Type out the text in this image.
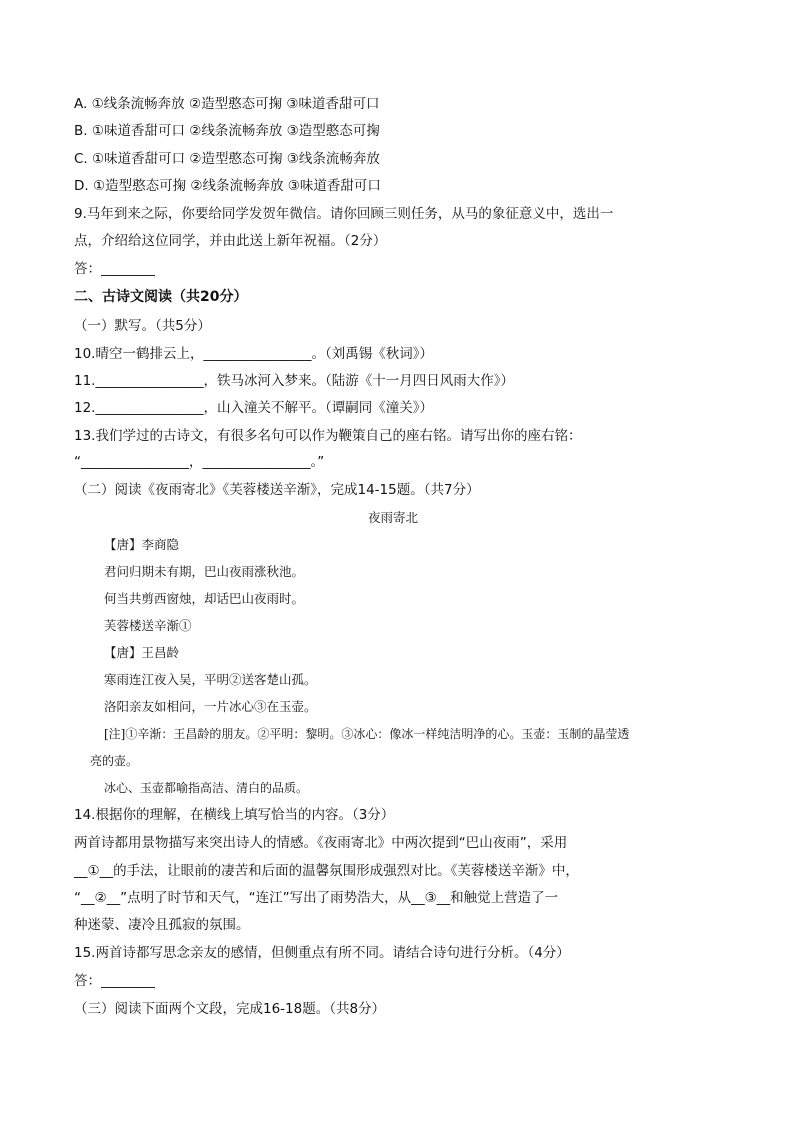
A. ①线条流畅奔放 ②造型憨态可掬 ③味道香甜可口
B. ①味道香甜可口 ②线条流畅奔放 ③造型憨态可掬
C. ①味道香甜可口 ②造型憨态可掬 ③线条流畅奔放
D. ①造型憨态可掬 ②线条流畅奔放 ③味道香甜可口
9.马年到来之际，你要给同学发贺年微信。请你回顾三则任务，从马的象征意义中，选出一
点，介绍给这位同学，并由此送上新年祝福。（2分）
答：________
二、古诗文阅读（共20分）
（一）默写。（共5分）
10.晴空一鹤排云上，________________。（刘禹锡《秋词》）
11.________________，铁马冰河入梦来。（陆游《十一月四日风雨大作》）
12.________________，山入潼关不解平。（谭嗣同《潼关》）
13.我们学过的古诗文，有很多名句可以作为鞭策自己的座右铭。请写出你的座右铭：
“________________，________________。”
（二）阅读《夜雨寄北》《芙蓉楼送辛渐》，完成14-15题。（共7分）
夜雨寄北
【唐】李商隐
君问归期未有期，巴山夜雨涨秋池。
何当共剪西窗烛，却话巴山夜雨时。
芙蓉楼送辛渐①
【唐】王昌龄
寒雨连江夜入吴，平明②送客楚山孤。
洛阳亲友如相问，一片冰心③在玉壶。
[注]①辛渐：王昌龄的朋友。②平明：黎明。③冰心：像冰一样纯洁明净的心。玉壶：玉制的晶莹透
亮的壶。
冰心、玉壶都喻指高洁、清白的品质。
14.根据你的理解，在横线上填写恰当的内容。（3分）
两首诗都用景物描写来突出诗人的情感。《夜雨寄北》中两次提到“巴山夜雨”，采用
__①__的手法，让眼前的凄苦和后面的温馨氛围形成强烈对比。《芙蓉楼送辛渐》中，
“__②__”点明了时节和天气，“连江”写出了雨势浩大，从__③__和触觉上营造了一
种迷蒙、凄冷且孤寂的氛围。
15.两首诗都写思念亲友的感情，但侧重点有所不同。请结合诗句进行分析。（4分）
答：________
（三）阅读下面两个文段，完成16-18题。（共8分）
